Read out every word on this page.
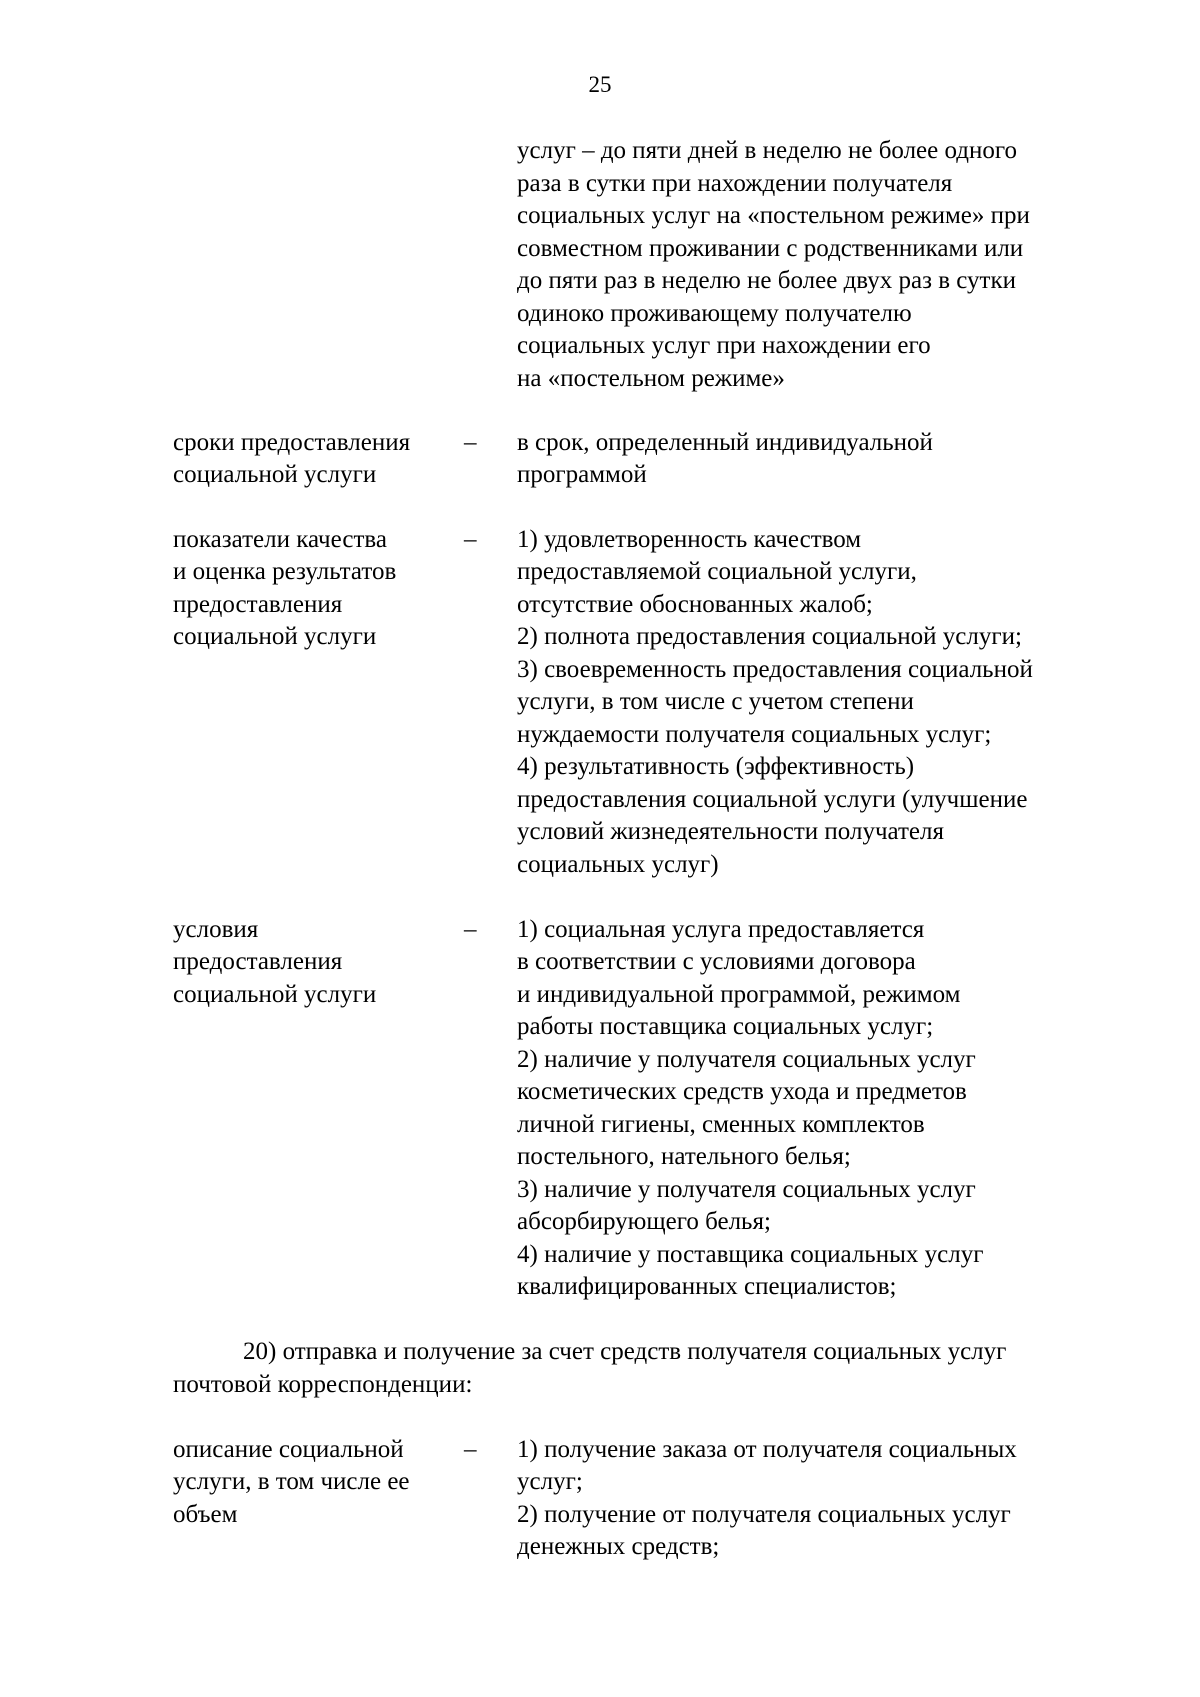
25
услуг – до пяти дней в неделю не более одного
раза в сутки при нахождении получателя
социальных услуг на «постельном режиме» при
совместном проживании с родственниками или
до пяти раз в неделю не более двух раз в сутки
одиноко проживающему получателю
социальных услуг при нахождении его
на «постельном режиме»
сроки предоставления
социальной услуги
– в срок, определенный индивидуальной
программой
показатели качества
и оценка результатов
предоставления
социальной услуги
– 1) удовлетворенность качеством
предоставляемой социальной услуги,
отсутствие обоснованных жалоб;
2) полнота предоставления социальной услуги;
3) своевременность предоставления социальной
услуги, в том числе с учетом степени
нуждаемости получателя социальных услуг;
4) результативность (эффективность)
предоставления социальной услуги (улучшение
условий жизнедеятельности получателя
социальных услуг)
условия
предоставления
социальной услуги
– 1) социальная услуга предоставляется
в соответствии с условиями договора
и индивидуальной программой, режимом
работы поставщика социальных услуг;
2) наличие у получателя социальных услуг
косметических средств ухода и предметов
личной гигиены, сменных комплектов
постельного, нательного белья;
3) наличие у получателя социальных услуг
абсорбирующего белья;
4) наличие у поставщика социальных услуг
квалифицированных специалистов;
20) отправка и получение за счет средств получателя социальных услуг
почтовой корреспонденции:
описание социальной
услуги, в том числе ее
объем
– 1) получение заказа от получателя социальных
услуг;
2) получение от получателя социальных услуг
денежных средств;
